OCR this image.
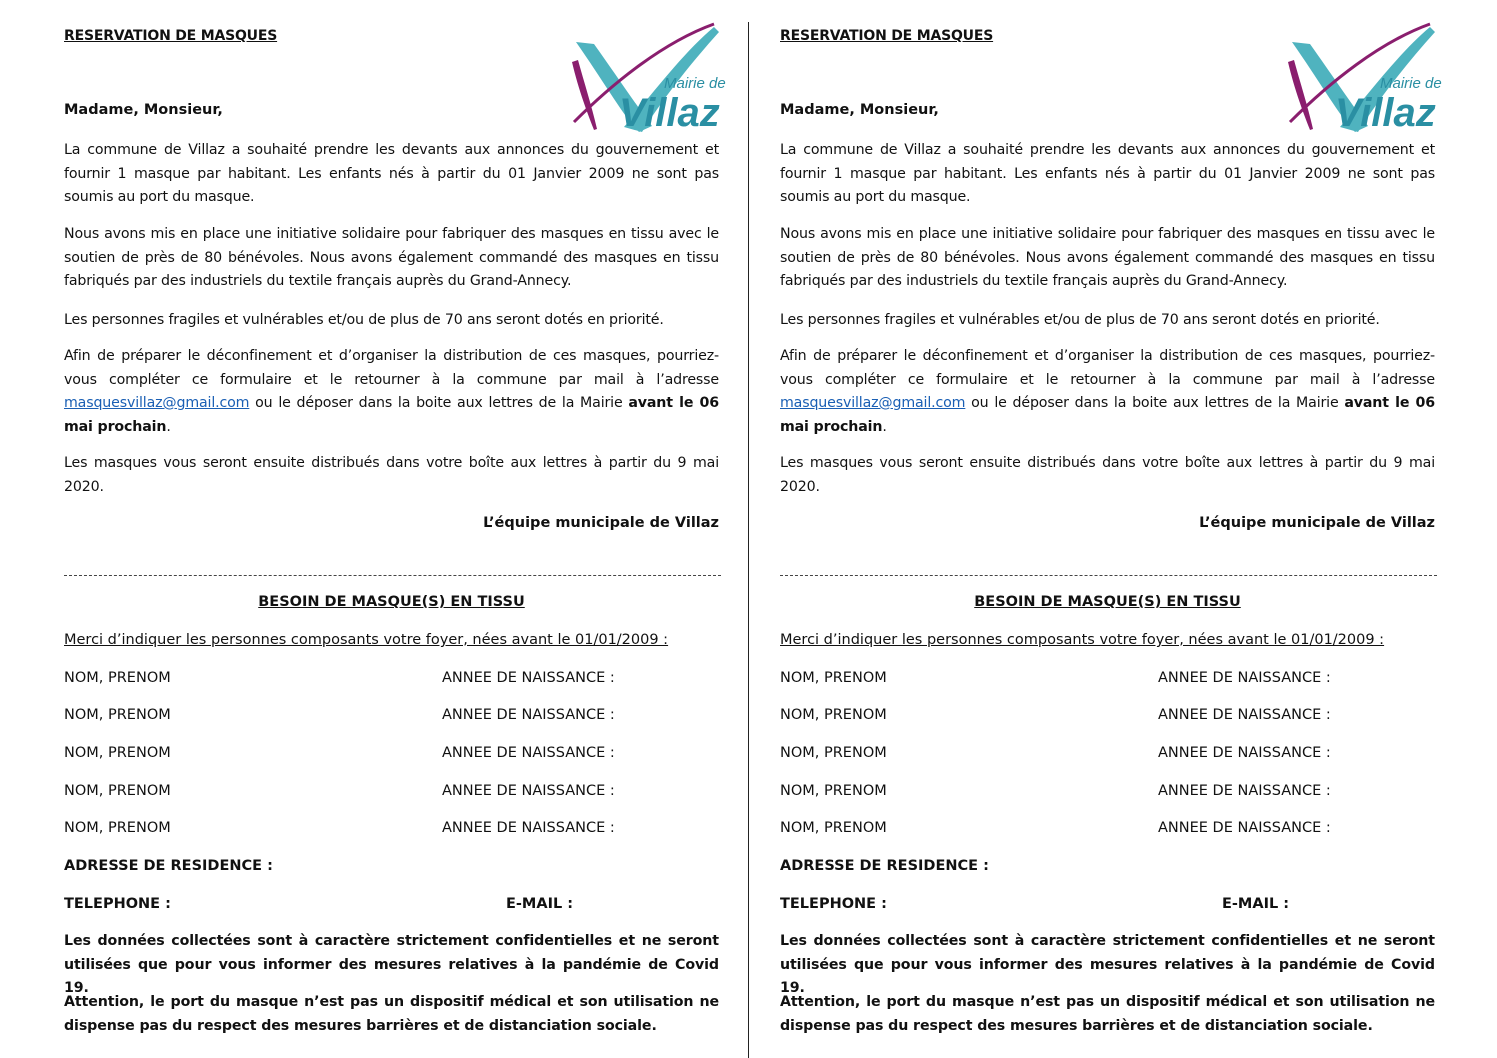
RESERVATION DE MASQUES
Mairie de
Villaz
Madame, Monsieur,
La commune de Villaz a souhaité prendre les devants aux annonces du gouvernement et fournir 1 masque par habitant. Les enfants nés à partir du 01 Janvier 2009 ne sont pas soumis au port du masque.
Nous avons mis en place une initiative solidaire pour fabriquer des masques en tissu avec le soutien de près de 80 bénévoles. Nous avons également commandé des masques en tissu fabriqués par des industriels du textile français auprès du Grand-Annecy.
Les personnes fragiles et vulnérables et/ou de plus de 70 ans seront dotés en priorité.
Afin de préparer le déconfinement et d’organiser la distribution de ces masques, pourriez-vous compléter ce formulaire et le retourner à la commune par mail à l’adresse masquesvillaz@gmail.com ou le déposer dans la boite aux lettres de la Mairie avant le 06 mai prochain.
Les masques vous seront ensuite distribués dans votre boîte aux lettres à partir du 9 mai 2020.
L’équipe municipale de Villaz
BESOIN DE MASQUE(S) EN TISSU
Merci d’indiquer les personnes composants votre foyer, nées avant le 01/01/2009 :
NOM, PRENOM	ANNEE DE NAISSANCE :
NOM, PRENOM	ANNEE DE NAISSANCE :
NOM, PRENOM	ANNEE DE NAISSANCE :
NOM, PRENOM	ANNEE DE NAISSANCE :
NOM, PRENOM	ANNEE DE NAISSANCE :
ADRESSE DE RESIDENCE :
TELEPHONE :	E-MAIL :
Les données collectées sont à caractère strictement confidentielles et ne seront utilisées que pour vous informer des mesures relatives à la pandémie de Covid 19.
Attention, le port du masque n’est pas un dispositif médical et son utilisation ne dispense pas du respect des mesures barrières et de distanciation sociale.
RESERVATION DE MASQUES
Mairie de
Villaz
Madame, Monsieur,
La commune de Villaz a souhaité prendre les devants aux annonces du gouvernement et fournir 1 masque par habitant. Les enfants nés à partir du 01 Janvier 2009 ne sont pas soumis au port du masque.
Nous avons mis en place une initiative solidaire pour fabriquer des masques en tissu avec le soutien de près de 80 bénévoles. Nous avons également commandé des masques en tissu fabriqués par des industriels du textile français auprès du Grand-Annecy.
Les personnes fragiles et vulnérables et/ou de plus de 70 ans seront dotés en priorité.
Afin de préparer le déconfinement et d’organiser la distribution de ces masques, pourriez-vous compléter ce formulaire et le retourner à la commune par mail à l’adresse masquesvillaz@gmail.com ou le déposer dans la boite aux lettres de la Mairie avant le 06 mai prochain.
Les masques vous seront ensuite distribués dans votre boîte aux lettres à partir du 9 mai 2020.
L’équipe municipale de Villaz
BESOIN DE MASQUE(S) EN TISSU
Merci d’indiquer les personnes composants votre foyer, nées avant le 01/01/2009 :
NOM, PRENOM	ANNEE DE NAISSANCE :
NOM, PRENOM	ANNEE DE NAISSANCE :
NOM, PRENOM	ANNEE DE NAISSANCE :
NOM, PRENOM	ANNEE DE NAISSANCE :
NOM, PRENOM	ANNEE DE NAISSANCE :
ADRESSE DE RESIDENCE :
TELEPHONE :	E-MAIL :
Les données collectées sont à caractère strictement confidentielles et ne seront utilisées que pour vous informer des mesures relatives à la pandémie de Covid 19.
Attention, le port du masque n’est pas un dispositif médical et son utilisation ne dispense pas du respect des mesures barrières et de distanciation sociale.
